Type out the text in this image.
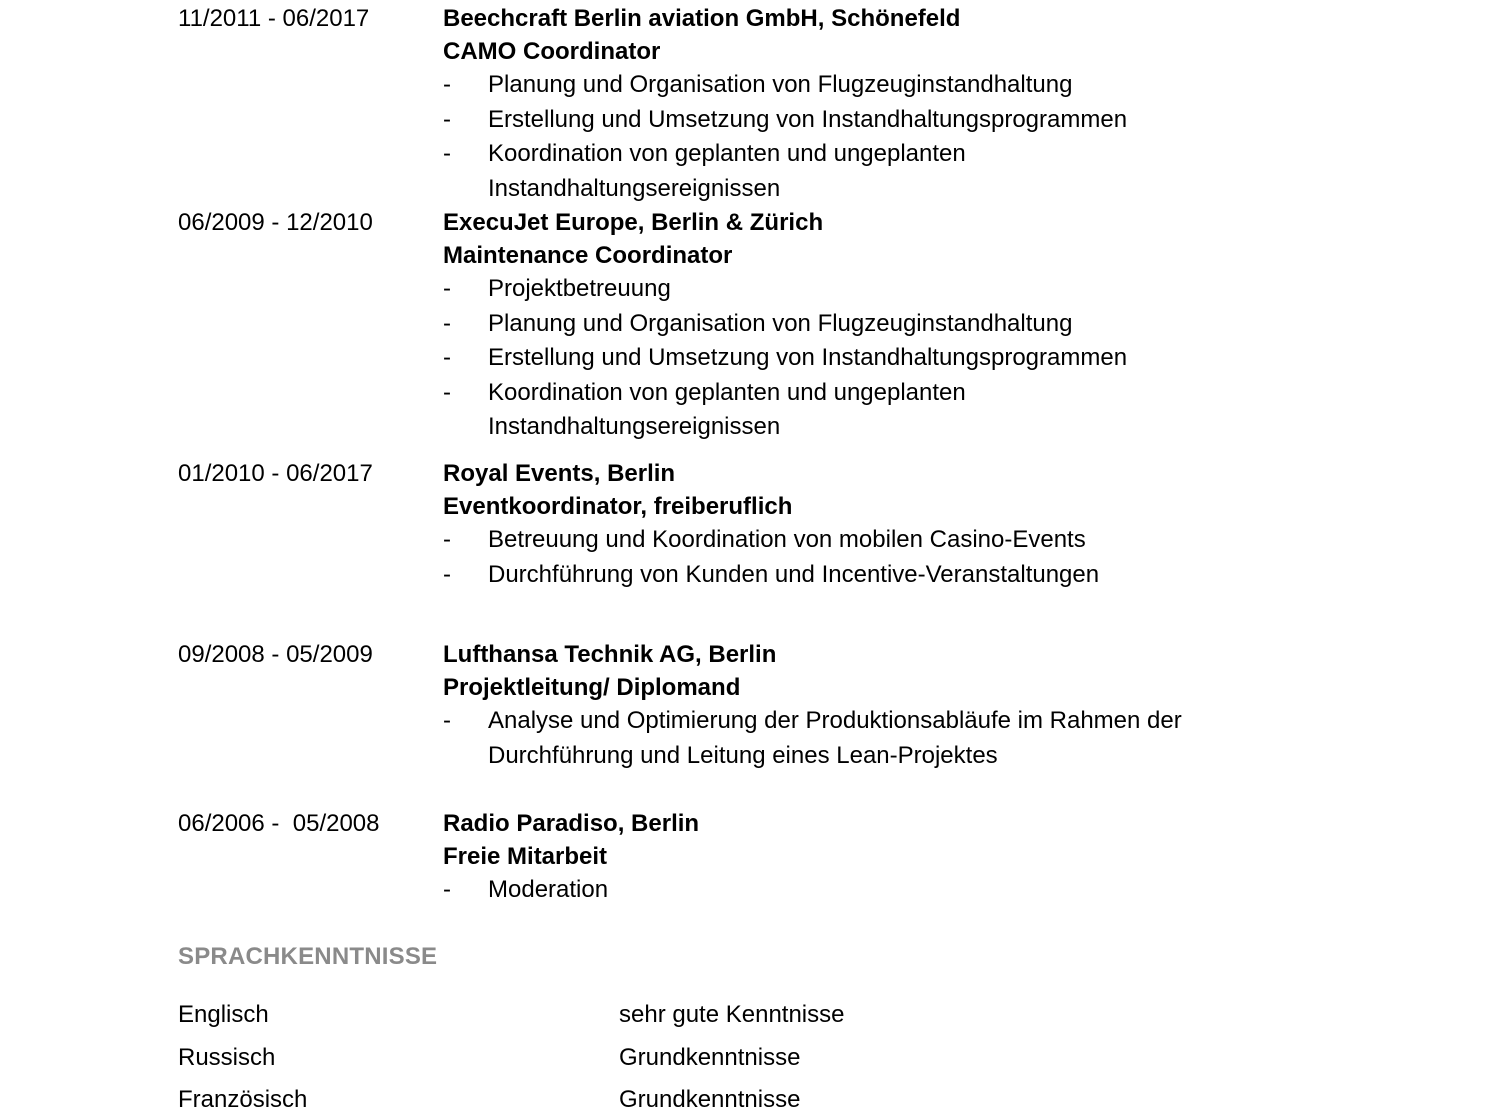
11/2011 - 06/2017	Beechcraft Berlin aviation GmbH, Schönefeld
CAMO Coordinator
-	Planung und Organisation von Flugzeuginstandhaltung
-	Erstellung und Umsetzung von Instandhaltungsprogrammen
-	Koordination von geplanten und ungeplanten Instandhaltungsereignissen
06/2009 - 12/2010	ExecuJet Europe, Berlin & Zürich
Maintenance Coordinator
-	Projektbetreuung
-	Planung und Organisation von Flugzeuginstandhaltung
-	Erstellung und Umsetzung von Instandhaltungsprogrammen
-	Koordination von geplanten und ungeplanten Instandhaltungsereignissen
01/2010 - 06/2017	Royal Events, Berlin
Eventkoordinator, freiberuflich
-	Betreuung und Koordination von mobilen Casino-Events
-	Durchführung von Kunden und Incentive-Veranstaltungen
09/2008 - 05/2009	Lufthansa Technik AG, Berlin
Projektleitung/ Diplomand
-	Analyse und Optimierung der Produktionsabläufe im Rahmen der Durchführung und Leitung eines Lean-Projektes
06/2006 -  05/2008	Radio Paradiso, Berlin
Freie Mitarbeit
-	Moderation
SPRACHKENNTNISSE
Englisch	sehr gute Kenntnisse
Russisch	Grundkenntnisse
Französisch	Grundkenntnisse
